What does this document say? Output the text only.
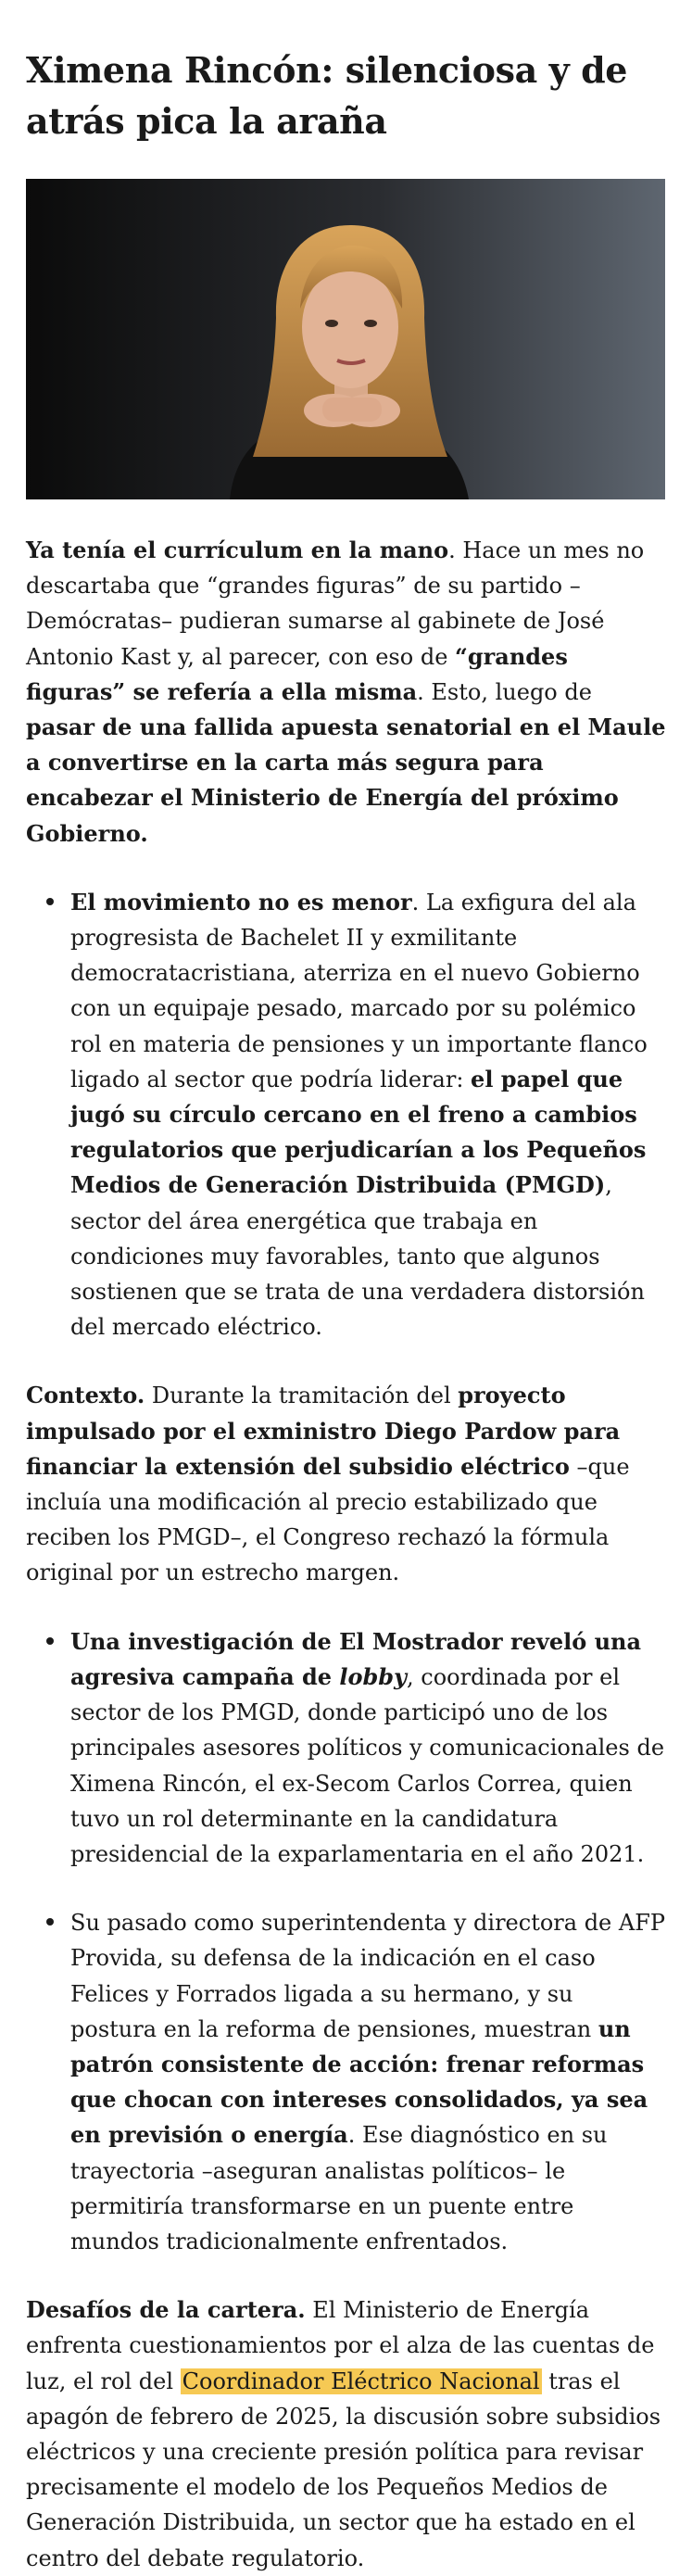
Ximena Rincón: silenciosa y de atrás pica la araña

Ya tenía el currículum en la mano. Hace un mes no descartaba que “grandes figuras” de su partido –Demócratas– pudieran sumarse al gabinete de José Antonio Kast y, al parecer, con eso de “grandes figuras” se refería a ella misma. Esto, luego de pasar de una fallida apuesta senatorial en el Maule a convertirse en la carta más segura para encabezar el Ministerio de Energía del próximo Gobierno.

El movimiento no es menor. La exfigura del ala progresista de Bachelet II y exmilitante democratacristiana, aterriza en el nuevo Gobierno con un equipaje pesado, marcado por su polémico rol en materia de pensiones y un importante flanco ligado al sector que podría liderar: el papel que jugó su círculo cercano en el freno a cambios regulatorios que perjudicarían a los Pequeños Medios de Generación Distribuida (PMGD), sector del área energética que trabaja en condiciones muy favorables, tanto que algunos sostienen que se trata de una verdadera distorsión del mercado eléctrico.

Contexto. Durante la tramitación del proyecto impulsado por el exministro Diego Pardow para financiar la extensión del subsidio eléctrico –que incluía una modificación al precio estabilizado que reciben los PMGD–, el Congreso rechazó la fórmula original por un estrecho margen.

Una investigación de El Mostrador reveló una agresiva campaña de lobby, coordinada por el sector de los PMGD, donde participó uno de los principales asesores políticos y comunicacionales de Ximena Rincón, el ex-Secom Carlos Correa, quien tuvo un rol determinante en la candidatura presidencial de la exparlamentaria en el año 2021.
Su pasado como superintendenta y directora de AFP Provida, su defensa de la indicación en el caso Felices y Forrados ligada a su hermano, y su postura en la reforma de pensiones, muestran un patrón consistente de acción: frenar reformas que chocan con intereses consolidados, ya sea en previsión o energía. Ese diagnóstico en su trayectoria –aseguran analistas políticos– le permitiría transformarse en un puente entre mundos tradicionalmente enfrentados.

Desafíos de la cartera. El Ministerio de Energía enfrenta cuestionamientos por el alza de las cuentas de luz, el rol del Coordinador Eléctrico Nacional tras el apagón de febrero de 2025, la discusión sobre subsidios eléctricos y una creciente presión política para revisar precisamente el modelo de los Pequeños Medios de Generación Distribuida, un sector que ha estado en el centro del debate regulatorio.
